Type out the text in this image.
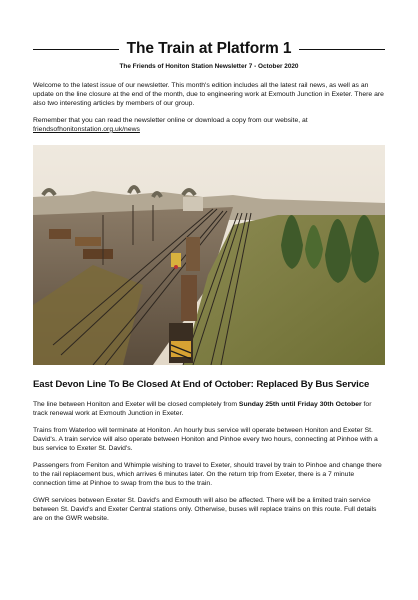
The Train at Platform 1
The Friends of Honiton Station Newsletter 7 - October 2020

Welcome to the latest issue of our newsletter. This month's edition includes all the latest rail news, as well as an update on the line closure at the end of the month, due to engineering work at Exmouth Junction in Exeter. There are also two interesting articles by members of our group.

Remember that you can read the newsletter online or download a copy from our website, at friendsofhonitonstation.org.uk/news

East Devon Line To Be Closed At End of October: Replaced By Bus Service

The line between Honiton and Exeter will be closed completely from Sunday 25th until Friday 30th October for track renewal work at Exmouth Junction in Exeter.

Trains from Waterloo will terminate at Honiton. An hourly bus service will operate between Honiton and Exeter St. David's. A train service will also operate between Honiton and Pinhoe every two hours, connecting at Pinhoe with a bus service to Exeter St. David's.

Passengers from Feniton and Whimple wishing to travel to Exeter, should travel by train to Pinhoe and change there to the rail replacement bus, which arrives 6 minutes later. On the return trip from Exeter, there is a 7 minute connection time at Pinhoe to swap from the bus to the train.

GWR services between Exeter St. David's and Exmouth will also be affected. There will be a limited train service between St. David's and Exeter Central stations only. Otherwise, buses will replace trains on this route. Full details are on the GWR website.
